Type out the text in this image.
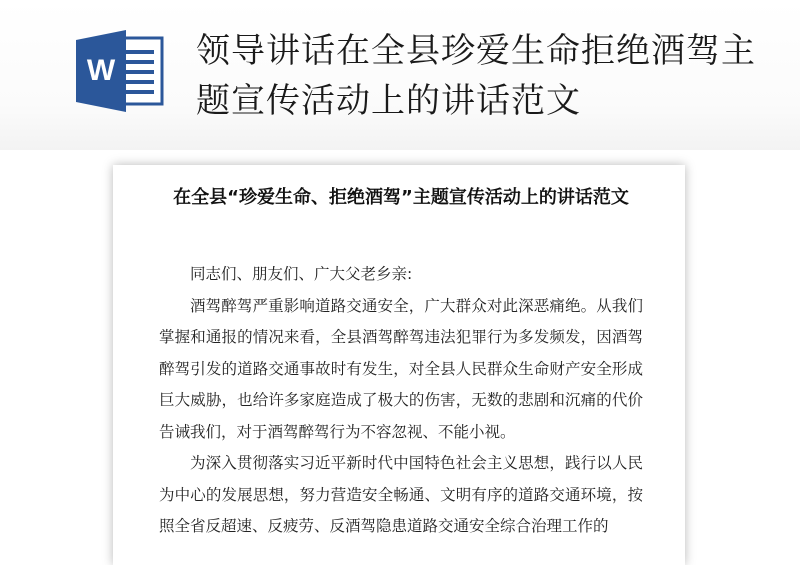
W 领导讲话在全县珍爱生命拒绝酒驾主题宣传活动上的讲话范文
在全县“珍爱生命、拒绝酒驾”主题宣传活动上的讲话范文

同志们、朋友们、广大父老乡亲:

酒驾醉驾严重影响道路交通安全，广大群众对此深恶痛绝。从我们掌握和通报的情况来看，全县酒驾醉驾违法犯罪行为多发频发，因酒驾醉驾引发的道路交通事故时有发生，对全县人民群众生命财产安全形成巨大威胁，也给许多家庭造成了极大的伤害，无数的悲剧和沉痛的代价告诫我们，对于酒驾醉驾行为不容忽视、不能小视。

为深入贯彻落实习近平新时代中国特色社会主义思想，践行以人民为中心的发展思想，努力营造安全畅通、文明有序的道路交通环境，按照全省反超速、反疲劳、反酒驾隐患道路交通安全综合治理工作的
